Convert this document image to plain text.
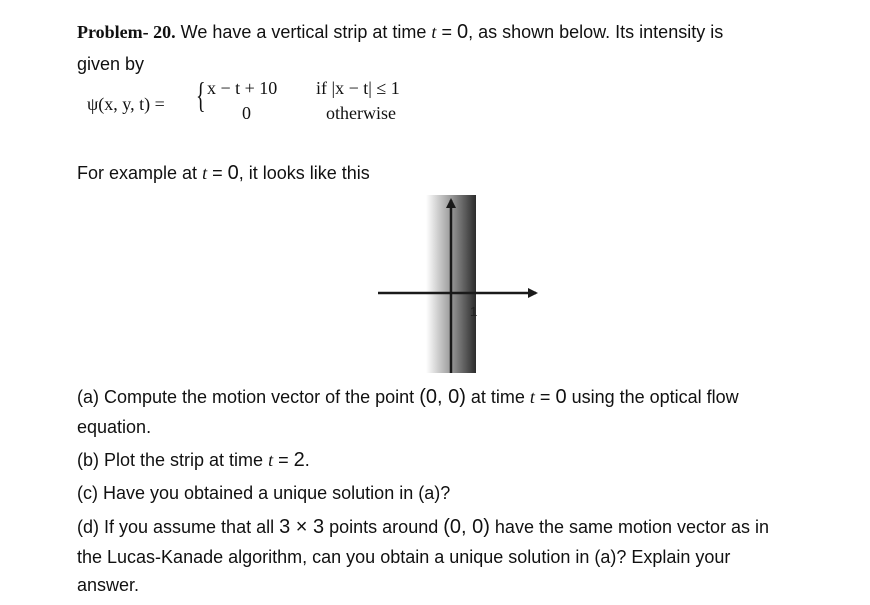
Problem- 20. We have a vertical strip at time t = 0, as shown below. Its intensity is
given by
ψ(x, y, t) = { x − t + 10 if |x − t| ≤ 1
0	otherwise
For example at t = 0, it looks like this
1
(a) Compute the motion vector of the point (0, 0) at time t = 0 using the optical flow
equation.
(b) Plot the strip at time t = 2.
(c) Have you obtained a unique solution in (a)?
(d) If you assume that all 3 × 3 points around (0, 0) have the same motion vector as in
the Lucas-Kanade algorithm, can you obtain a unique solution in (a)? Explain your
answer.
